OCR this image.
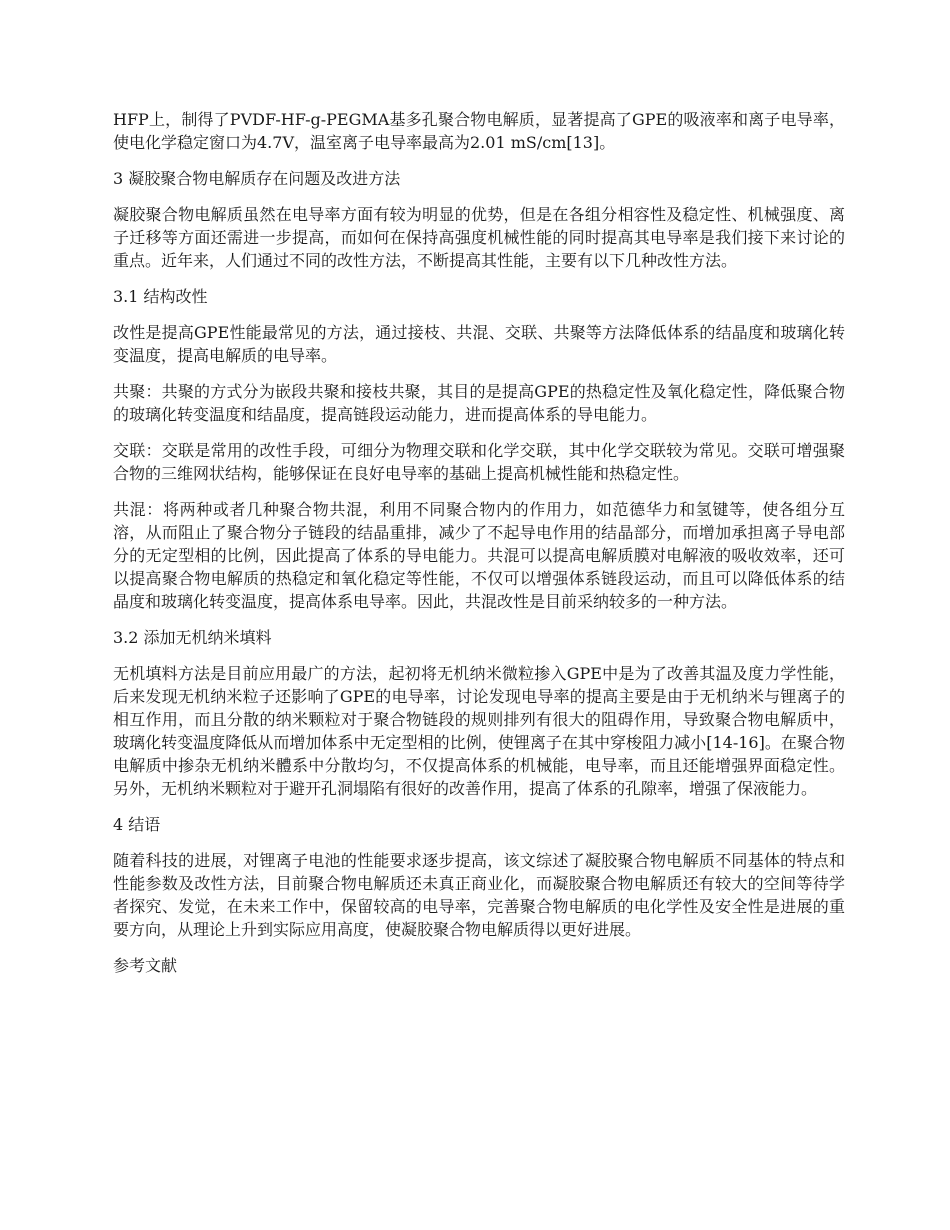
HFP上，制得了PVDF-HF-g-PEGMA基多孔聚合物电解质，显著提高了GPE的吸液率和离子电导率，使电化学稳定窗口为4.7V，温室离子电导率最高为2.01 mS/cm[13]。

3 凝胶聚合物电解质存在问题及改进方法

凝胶聚合物电解质虽然在电导率方面有较为明显的优势，但是在各组分相容性及稳定性、机械强度、离子迁移等方面还需进一步提高，而如何在保持高强度机械性能的同时提高其电导率是我们接下来讨论的重点。近年来，人们通过不同的改性方法，不断提高其性能，主要有以下几种改性方法。

3.1 结构改性

改性是提高GPE性能最常见的方法，通过接枝、共混、交联、共聚等方法降低体系的结晶度和玻璃化转变温度，提高电解质的电导率。

共聚：共聚的方式分为嵌段共聚和接枝共聚，其目的是提高GPE的热稳定性及氧化稳定性，降低聚合物的玻璃化转变温度和结晶度，提高链段运动能力，进而提高体系的导电能力。

交联：交联是常用的改性手段，可细分为物理交联和化学交联，其中化学交联较为常见。交联可增强聚合物的三维网状结构，能够保证在良好电导率的基础上提高机械性能和热稳定性。

共混：将两种或者几种聚合物共混，利用不同聚合物内的作用力，如范德华力和氢键等，使各组分互溶，从而阻止了聚合物分子链段的结晶重排，减少了不起导电作用的结晶部分，而增加承担离子导电部分的无定型相的比例，因此提高了体系的导电能力。共混可以提高电解质膜对电解液的吸收效率，还可以提高聚合物电解质的热稳定和氧化稳定等性能，不仅可以增强体系链段运动，而且可以降低体系的结晶度和玻璃化转变温度，提高体系电导率。因此，共混改性是目前采纳较多的一种方法。

3.2 添加无机纳米填料

无机填料方法是目前应用最广的方法，起初将无机纳米微粒掺入GPE中是为了改善其温及度力学性能，后来发现无机纳米粒子还影响了GPE的电导率，讨论发现电导率的提高主要是由于无机纳米与锂离子的相互作用，而且分散的纳米颗粒对于聚合物链段的规则排列有很大的阻碍作用，导致聚合物电解质中，玻璃化转变温度降低从而增加体系中无定型相的比例，使锂离子在其中穿梭阻力减小[14-16]。在聚合物电解质中掺杂无机纳米體系中分散均匀，不仅提高体系的机械能，电导率，而且还能增强界面稳定性。另外，无机纳米颗粒对于避开孔洞塌陷有很好的改善作用，提高了体系的孔隙率，增强了保液能力。

4 结语

随着科技的进展，对锂离子电池的性能要求逐步提高，该文综述了凝胶聚合物电解质不同基体的特点和性能参数及改性方法，目前聚合物电解质还未真正商业化，而凝胶聚合物电解质还有较大的空间等待学者探究、发觉，在未来工作中，保留较高的电导率，完善聚合物电解质的电化学性及安全性是进展的重要方向，从理论上升到实际应用高度，使凝胶聚合物电解质得以更好进展。

参考文献
